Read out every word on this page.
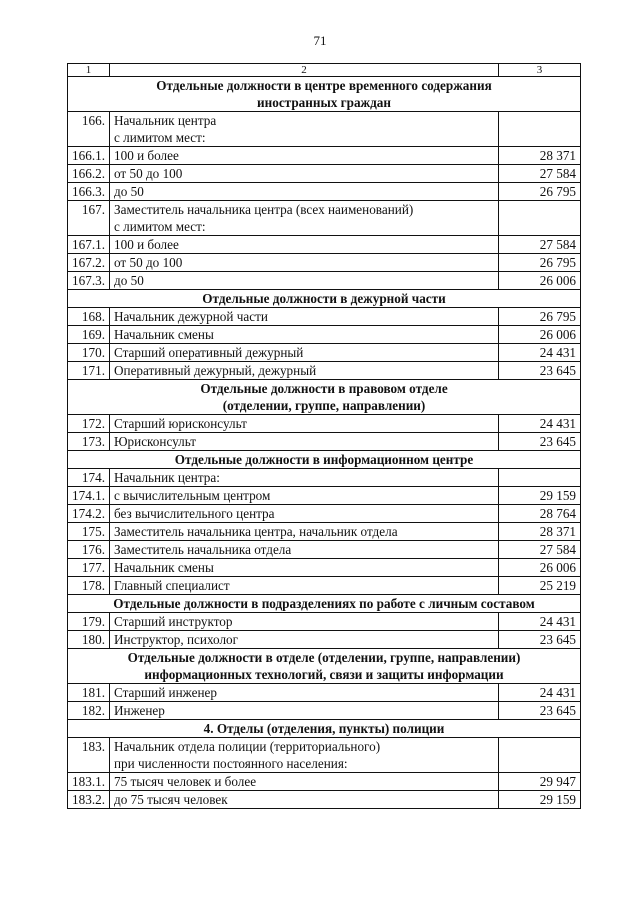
71
1	2	3

Отдельные должности в центре временного содержания
иностранных граждан		

166.	Начальник центра
с лимитом мест:	

166.1.	100 и более	28 371
166.2.	от 50 до 100	27 584
166.3.	до 50	26 795
167.	Заместитель начальника центра (всех наименований)
с лимитом мест:	

167.1.	100 и более	27 584
167.2.	от 50 до 100	26 795
167.3.	до 50	26 006

Отдельные должности в дежурной части		

168.	Начальник дежурной части	26 795
169.	Начальник смены	26 006
170.	Старший оперативный дежурный	24 431
171.	Оперативный дежурный, дежурный	23 645

Отдельные должности в правовом отделе
(отделении, группе, направлении)		

172.	Старший юрисконсульт	24 431
173.	Юрисконсульт	23 645

Отдельные должности в информационном центре		

174.	Начальник центра:	

174.1.	с вычислительным центром	29 159
174.2.	без вычислительного центра	28 764
175.	Заместитель начальника центра, начальник отдела	28 371
176.	Заместитель начальника отдела	27 584
177.	Начальник смены	26 006
178.	Главный специалист	25 219

Отдельные должности в подразделениях по работе с личным составом		

179.	Старший инструктор	24 431
180.	Инструктор, психолог	23 645

Отдельные должности в отделе (отделении, группе, направлении)
информационных технологий, связи и защиты информации		

181.	Старший инженер	24 431
182.	Инженер	23 645

4. Отделы (отделения, пункты) полиции		

183.	Начальник отдела полиции (территориального)
при численности постоянного населения:	

183.1.	75 тысяч человек и более	29 947
183.2.	до 75 тысяч человек	29 159
